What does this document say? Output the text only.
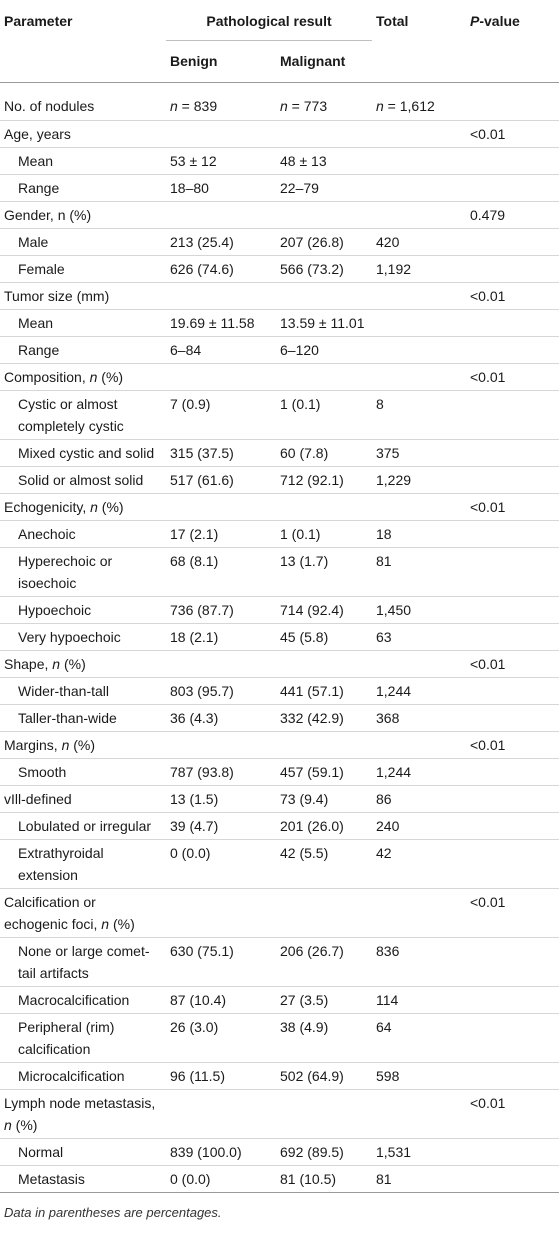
Parameter	Pathological result		Total	P-value
	Benign	Malignant		
No. of nodules	n = 839	n = 773	n = 1,612	
Age, years				<0.01
Mean	53 ± 12	48 ± 13		
Range	18–80	22–79		
Gender, n (%)				0.479
Male	213 (25.4)	207 (26.8)	420	
Female	626 (74.6)	566 (73.2)	1,192	
Tumor size (mm)				<0.01
Mean	19.69 ± 11.58	13.59 ± 11.01		
Range	6–84	6–120		
Composition, n (%)				<0.01
Cystic or almost completely cystic	7 (0.9)	1 (0.1)	8	
Mixed cystic and solid	315 (37.5)	60 (7.8)	375	
Solid or almost solid	517 (61.6)	712 (92.1)	1,229	
Echogenicity, n (%)				<0.01
Anechoic	17 (2.1)	1 (0.1)	18	
Hyperechoic or isoechoic	68 (8.1)	13 (1.7)	81	
Hypoechoic	736 (87.7)	714 (92.4)	1,450	
Very hypoechoic	18 (2.1)	45 (5.8)	63	
Shape, n (%)				<0.01
Wider-than-tall	803 (95.7)	441 (57.1)	1,244	
Taller-than-wide	36 (4.3)	332 (42.9)	368	
Margins, n (%)				<0.01
Smooth	787 (93.8)	457 (59.1)	1,244	
vIll-defined	13 (1.5)	73 (9.4)	86	
Lobulated or irregular	39 (4.7)	201 (26.0)	240	
Extrathyroidal extension	0 (0.0)	42 (5.5)	42	
Calcification or echogenic foci, n (%)				<0.01
None or large comet-tail artifacts	630 (75.1)	206 (26.7)	836	
Macrocalcification	87 (10.4)	27 (3.5)	114	
Peripheral (rim) calcification	26 (3.0)	38 (4.9)	64	
Microcalcification	96 (11.5)	502 (64.9)	598	
Lymph node metastasis, n (%)				<0.01
Normal	839 (100.0)	692 (89.5)	1,531	
Metastasis	0 (0.0)	81 (10.5)	81	
Data in parentheses are percentages.
